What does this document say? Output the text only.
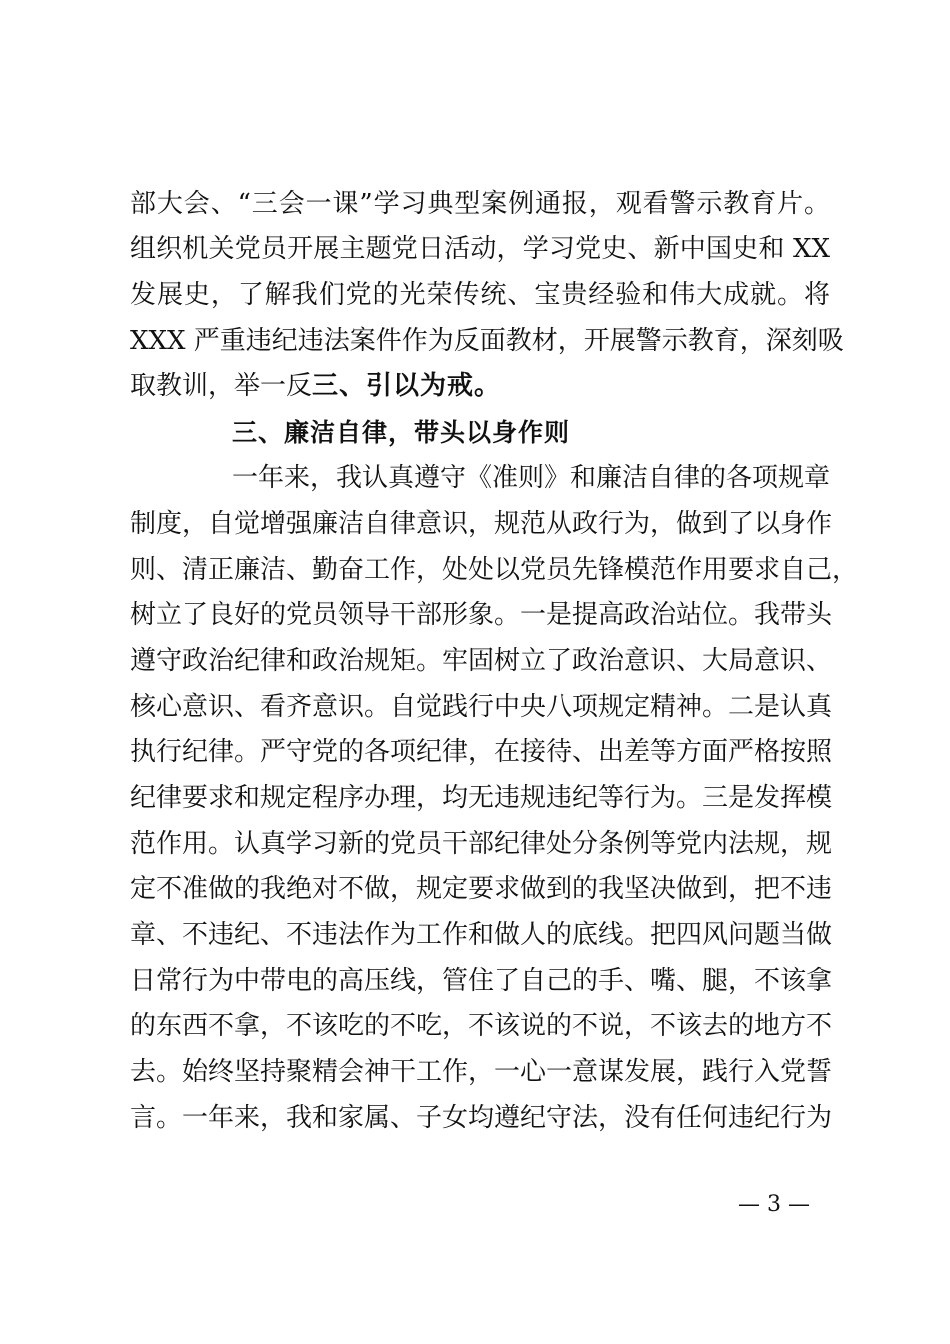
部大会、“三会一课”学习典型案例通报，观看警示教育片。
组织机关党员开展主题党日活动，学习党史、新中国史和 XX
发展史，了解我们党的光荣传统、宝贵经验和伟大成就。将
XXX 严重违纪违法案件作为反面教材，开展警示教育，深刻吸
取教训，举一反三、引以为戒。
三、廉洁自律，带头以身作则
一年来，我认真遵守《准则》和廉洁自律的各项规章
制度，自觉增强廉洁自律意识，规范从政行为，做到了以身作
则、清正廉洁、勤奋工作，处处以党员先锋模范作用要求自己，
树立了良好的党员领导干部形象。一是提高政治站位。我带头
遵守政治纪律和政治规矩。牢固树立了政治意识、大局意识、
核心意识、看齐意识。自觉践行中央八项规定精神。二是认真
执行纪律。严守党的各项纪律，在接待、出差等方面严格按照
纪律要求和规定程序办理，均无违规违纪等行为。三是发挥模
范作用。认真学习新的党员干部纪律处分条例等党内法规，规
定不准做的我绝对不做，规定要求做到的我坚决做到，把不违
章、不违纪、不违法作为工作和做人的底线。把四风问题当做
日常行为中带电的高压线，管住了自己的手、嘴、腿，不该拿
的东西不拿，不该吃的不吃，不该说的不说，不该去的地方不
去。始终坚持聚精会神干工作，一心一意谋发展，践行入党誓
言。一年来，我和家属、子女均遵纪守法，没有任何违纪行为
— 3 —
